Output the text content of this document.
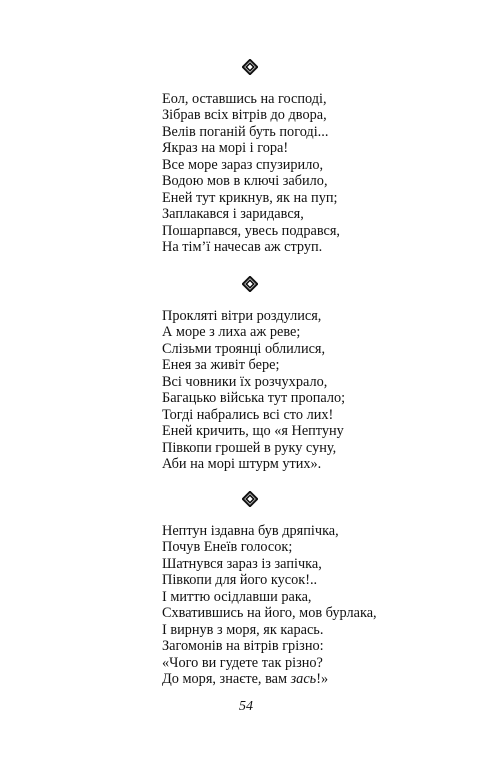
Еол, оставшись на господі,
Зібрав всіх вітрів до двора,
Велів поганій буть погоді...
Якраз на морі і гора!
Все море зараз спузирило,
Водою мов в ключі забило,
Еней тут крикнув, як на пуп;
Заплакався і заридався,
Пошарпався, увесь подрався,
На тім’ї начесав аж струп.
Прокляті вітри роздулися,
А море з лиха аж реве;
Слізьми троянці облилися,
Енея за живіт бере;
Всі човники їх розчухрало,
Багацько війська тут пропало;
Тогді набрались всі сто лих!
Еней кричить, що «я Нептуну
Півкопи грошей в руку суну,
Аби на морі штурм утих».
Нептун іздавна був дряпічка,
Почув Енеїв голосок;
Шатнувся зараз із запічка,
Півкопи для його кусок!..
І миттю осідлавши рака,
Схватившись на його, мов бурлака,
І вирнув з моря, як карась.
Загомонів на вітрів грізно:
«Чого ви гудете так різно?
До моря, знаєте, вам зась!»
54
